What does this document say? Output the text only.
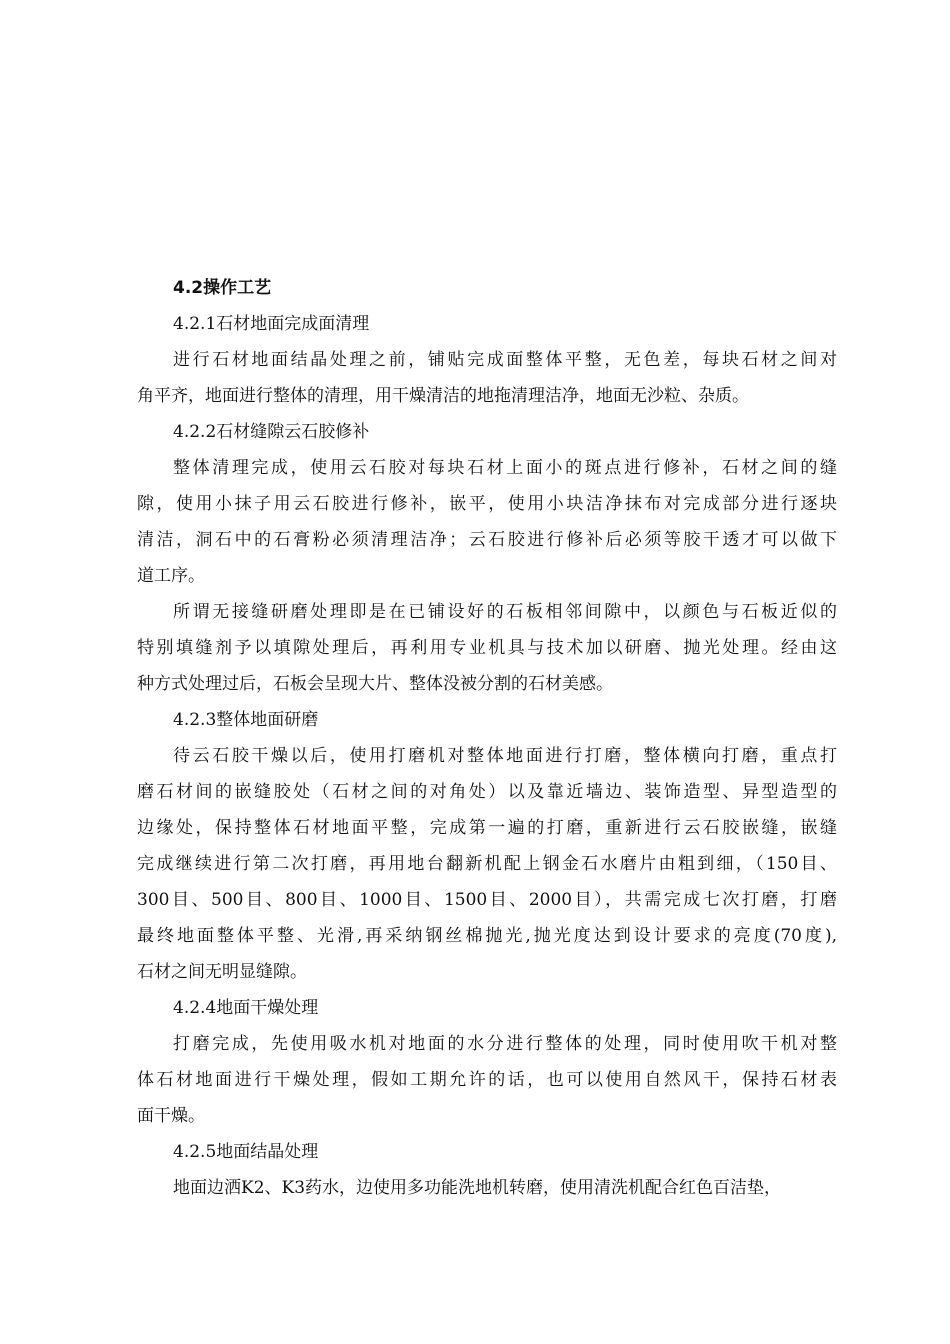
4.2操作工艺
4.2.1石材地面完成面清理
进行石材地面结晶处理之前，铺贴完成面整体平整，无色差，每块石材之间对
角平齐，地面进行整体的清理，用干燥清洁的地拖清理洁净，地面无沙粒、杂质。
4.2.2石材缝隙云石胶修补
整体清理完成，使用云石胶对每块石材上面小的斑点进行修补，石材之间的缝
隙，使用小抹子用云石胶进行修补，嵌平，使用小块洁净抹布对完成部分进行逐块
清洁，洞石中的石膏粉必须清理洁净；云石胶进行修补后必须等胶干透才可以做下
道工序。
所谓无接缝研磨处理即是在已铺设好的石板相邻间隙中，以颜色与石板近似的
特别填缝剂予以填隙处理后，再利用专业机具与技术加以研磨、抛光处理。经由这
种方式处理过后，石板会呈现大片、整体没被分割的石材美感。
4.2.3整体地面研磨
待云石胶干燥以后，使用打磨机对整体地面进行打磨，整体横向打磨，重点打
磨石材间的嵌缝胶处（石材之间的对角处）以及靠近墙边、装饰造型、异型造型的
边缘处，保持整体石材地面平整，完成第一遍的打磨，重新进行云石胶嵌缝，嵌缝
完成继续进行第二次打磨，再用地台翻新机配上钢金石水磨片由粗到细，（150目、
300目、500目、800目、1000目、1500目、2000目），共需完成七次打磨，打磨
最终地面整体平整、光滑,再采纳钢丝棉抛光,抛光度达到设计要求的亮度(70度),
石材之间无明显缝隙。
4.2.4地面干燥处理
打磨完成，先使用吸水机对地面的水分进行整体的处理，同时使用吹干机对整
体石材地面进行干燥处理，假如工期允许的话，也可以使用自然风干，保持石材表
面干燥。
4.2.5地面结晶处理
地面边洒K2、K3药水，边使用多功能洗地机转磨，使用清洗机配合红色百洁垫，
